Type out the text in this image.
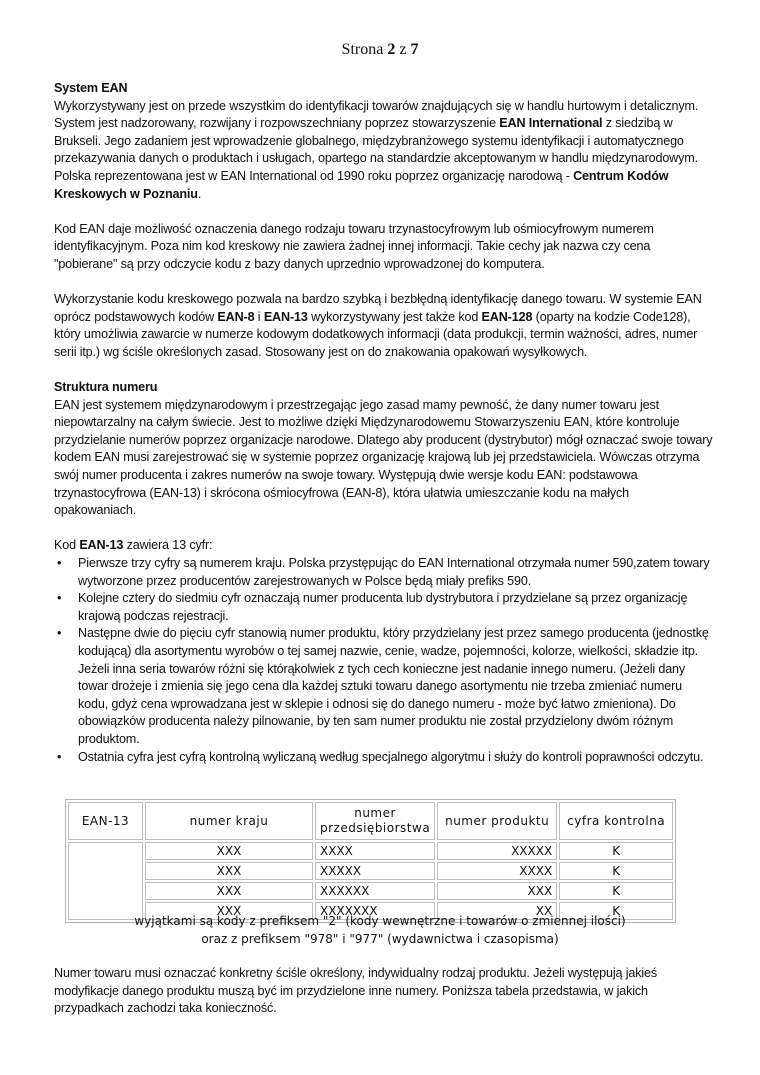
Strona 2 z 7

System EAN

Wykorzystywany jest on przede wszystkim do identyfikacji towarów znajdujących się w handlu hurtowym i detalicznym. System jest nadzorowany, rozwijany i rozpowszechniany poprzez stowarzyszenie EAN International z siedzibą w Brukseli. Jego zadaniem jest wprowadzenie globalnego, międzybranżowego systemu identyfikacji i automatycznego przekazywania danych o produktach i usługach, opartego na standardzie akceptowanym w handlu międzynarodowym. Polska reprezentowana jest w EAN International od 1990 roku poprzez organizację narodową - Centrum Kodów Kreskowych w Poznaniu.

Kod EAN daje możliwość oznaczenia danego rodzaju towaru trzynastocyfrowym lub ośmiocyfrowym numerem identyfikacyjnym. Poza nim kod kreskowy nie zawiera żadnej innej informacji. Takie cechy jak nazwa czy cena "pobierane" są przy odczycie kodu z bazy danych uprzednio wprowadzonej do komputera.

Wykorzystanie kodu kreskowego pozwala na bardzo szybką i bezbłędną identyfikację danego towaru. W systemie EAN oprócz podstawowych kodów EAN-8 i EAN-13 wykorzystywany jest także kod EAN-128 (oparty na kodzie Code128), który umożliwia zawarcie w numerze kodowym dodatkowych informacji (data produkcji, termin ważności, adres, numer serii itp.) wg ściśle określonych zasad. Stosowany jest on do znakowania opakowań wysyłkowych.

Struktura numeru

EAN jest systemem międzynarodowym i przestrzegając jego zasad mamy pewność, że dany numer towaru jest niepowtarzalny na całym świecie. Jest to możliwe dzięki Międzynarodowemu Stowarzyszeniu EAN, które kontroluje przydzielanie numerów poprzez organizacje narodowe. Dlatego aby producent (dystrybutor) mógł oznaczać swoje towary kodem EAN musi zarejestrować się w systemie poprzez organizację krajową lub jej przedstawiciela. Wówczas otrzyma swój numer producenta i zakres numerów na swoje towary. Występują dwie wersje kodu EAN: podstawowa trzynastocyfrowa (EAN-13) i skrócona ośmiocyfrowa (EAN-8), która ułatwia umieszczanie kodu na małych opakowaniach.

Kod EAN-13 zawiera 13 cyfr:

• Pierwsze trzy cyfry są numerem kraju. Polska przystępując do EAN International otrzymała numer 590,zatem towary wytworzone przez producentów zarejestrowanych w Polsce będą miały prefiks 590.
• Kolejne cztery do siedmiu cyfr oznaczają numer producenta lub dystrybutora i przydzielane są przez organizację krajową podczas rejestracji.
• Następne dwie do pięciu cyfr stanowią numer produktu, który przydzielany jest przez samego producenta (jednostkę kodującą) dla asortymentu wyrobów o tej samej nazwie, cenie, wadze, pojemności, kolorze, wielkości, składzie itp. Jeżeli inna seria towarów różni się którąkolwiek z tych cech konieczne jest nadanie innego numeru. (Jeżeli dany towar drożeje i zmienia się jego cena dla każdej sztuki towaru danego asortymentu nie trzeba zmieniać numeru kodu, gdyż cena wprowadzana jest w sklepie i odnosi się do danego numeru - może być łatwo zmieniona). Do obowiązków producenta należy pilnowanie, by ten sam numer produktu nie został przydzielony dwóm różnym produktom.
• Ostatnia cyfra jest cyfrą kontrolną wyliczaną według specjalnego algorytmu i służy do kontroli poprawności odczytu.
EAN-13	numer kraju	numer przedsiębiorstwa	numer produktu	cyfra kontrolna
	XXX	XXXX	XXXXX	K
	XXX	XXXXX	XXXX	K
	XXX	XXXXXX	XXX	K
	XXX	XXXXXXX	XX	K
wyjątkami są kody z prefiksem "2" (kody wewnętrzne i towarów o zmiennej ilości)
oraz z prefiksem "978" i "977" (wydawnictwa i czasopisma)
Numer towaru musi oznaczać konkretny ściśle określony, indywidualny rodzaj produktu. Jeżeli występują jakieś modyfikacje danego produktu muszą być im przydzielone inne numery. Poniższa tabela przedstawia, w jakich przypadkach zachodzi taka konieczność.
